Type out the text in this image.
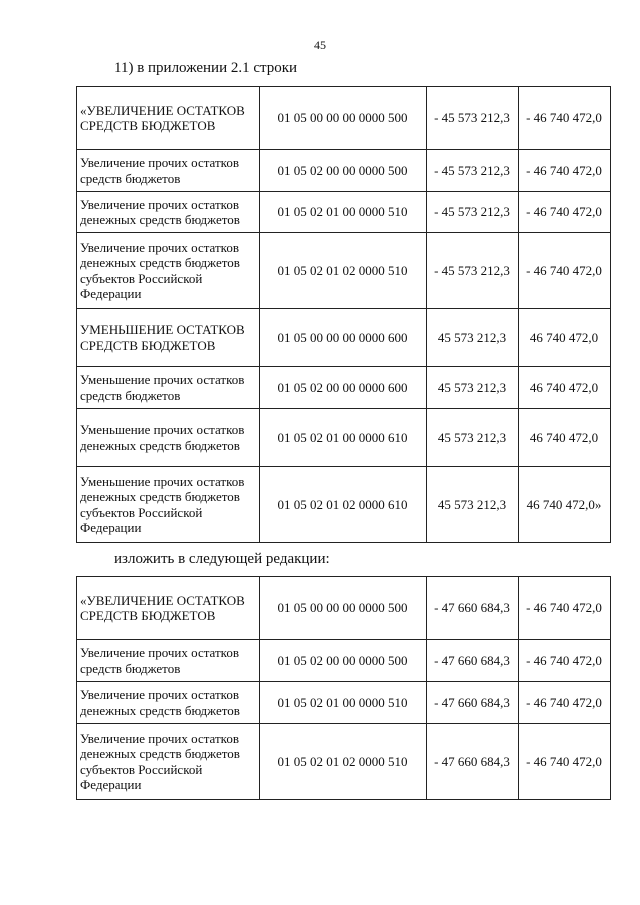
45
11) в приложении 2.1 строки
«УВЕЛИЧЕНИЕ ОСТАТКОВ СРЕДСТВ БЮДЖЕТОВ	01 05 00 00 00 0000 500	- 45 573 212,3	- 46 740 472,0
Увеличение прочих остатков средств бюджетов	01 05 02 00 00 0000 500	- 45 573 212,3	- 46 740 472,0
Увеличение прочих остатков денежных средств бюджетов	01 05 02 01 00 0000 510	- 45 573 212,3	- 46 740 472,0
Увеличение прочих остатков денежных средств бюджетов субъектов Российской Федерации	01 05 02 01 02 0000 510	- 45 573 212,3	- 46 740 472,0
УМЕНЬШЕНИЕ ОСТАТКОВ СРЕДСТВ БЮДЖЕТОВ	01 05 00 00 00 0000 600	45 573 212,3	46 740 472,0
Уменьшение прочих остатков средств бюджетов	01 05 02 00 00 0000 600	45 573 212,3	46 740 472,0
Уменьшение прочих остатков денежных средств бюджетов	01 05 02 01 00 0000 610	45 573 212,3	46 740 472,0
Уменьшение прочих остатков денежных средств бюджетов субъектов Российской Федерации	01 05 02 01 02 0000 610	45 573 212,3	46 740 472,0»
изложить в следующей редакции:
«УВЕЛИЧЕНИЕ ОСТАТКОВ СРЕДСТВ БЮДЖЕТОВ	01 05 00 00 00 0000 500	- 47 660 684,3	- 46 740 472,0
Увеличение прочих остатков средств бюджетов	01 05 02 00 00 0000 500	- 47 660 684,3	- 46 740 472,0
Увеличение прочих остатков денежных средств бюджетов	01 05 02 01 00 0000 510	- 47 660 684,3	- 46 740 472,0
Увеличение прочих остатков денежных средств бюджетов субъектов Российской Федерации	01 05 02 01 02 0000 510	- 47 660 684,3	- 46 740 472,0
